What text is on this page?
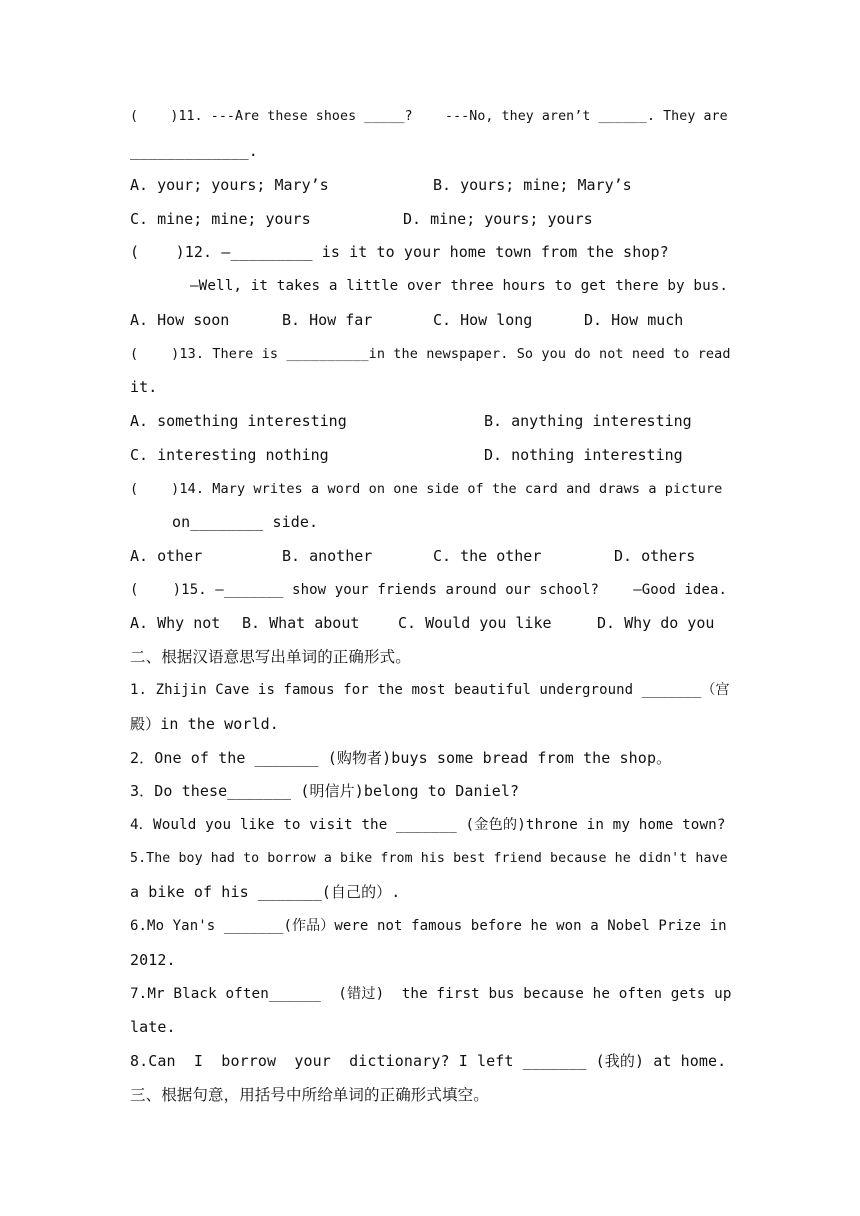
(    )11. ---Are these shoes _____?    ---No, they aren’t ______. They are
_____________.
A. your; yours; Mary’s	B. yours; mine; Mary’s
C. mine; mine; yours	D. mine; yours; yours
(    )12. —_________ is it to your home town from the shop?
—Well, it takes a little over three hours to get there by bus.
A. How soon	B. How far	C. How long	D. How much
(    )13. There is __________in the newspaper. So you do not need to read
it.
A. something interesting	B. anything interesting
C. interesting nothing	D. nothing interesting
(    )14. Mary writes a word on one side of the card and draws a picture
on________ side.
A. other	B. another	C. the other	D. others
(    )15. —_______ show your friends around our school?    —Good idea.
A. Why not B. What about	C. Would you like	D. Why do you
二、根据汉语意思写出单词的正确形式。
1. Zhijin Cave is famous for the most beautiful underground _______（宫
殿）in the world.
2．One of the _______ (购物者)buys some bread from the shop。
3．Do these_______ (明信片)belong to Daniel?
4．Would you like to visit the _______ (金色的)throne in my home town?
5.The boy had to borrow a bike from his best friend because he didn't have
a bike of his _______(自己的）.
6.Mo Yan's _______(作品）were not famous before he won a Nobel Prize in
2012.
7.Mr Black often______  (错过)  the first bus because he often gets up
late.
8.Can  I  borrow  your  dictionary? I left _______ (我的) at home.
三、根据句意，用括号中所给单词的正确形式填空。
